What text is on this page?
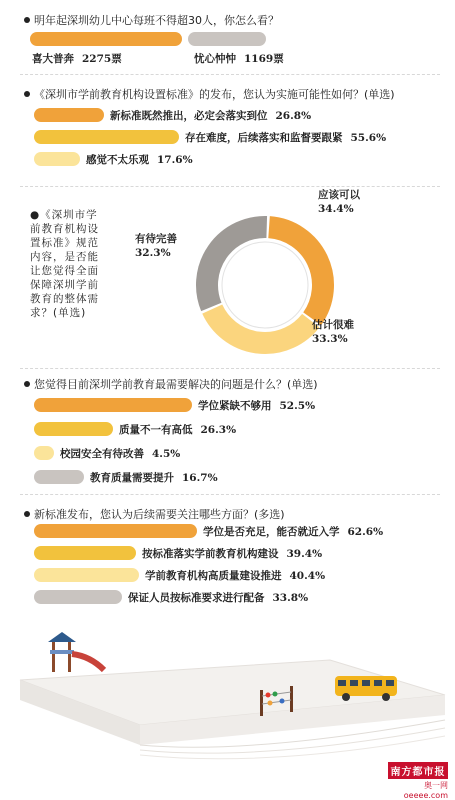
明年起深圳幼儿中心每班不得超30人，你怎么看？
喜大普奔 2275票	忧心忡忡 1169票
《深圳市学前教育机构设置标准》的发布，您认为实施可能性如何？(单选)
新标准既然推出，必定会落实到位 26.8%
存在难度，后续落实和监督要跟紧 55.6%
感觉不太乐观 17.6%
●《深圳市学
前教育机构设
置标准》规范
内容，是否能
让您觉得全面
保障深圳学前
教育的整体需
求？(单选)
应该可以
34.4%
估计很难
33.3%
有待完善
32.3%
您觉得目前深圳学前教育最需要解决的问题是什么？(单选)
学位紧缺不够用 52.5%
质量不一有高低 26.3%
校园安全有待改善 4.5%
教育质量需要提升 16.7%
新标准发布，您认为后续需要关注哪些方面？(多选)
学位是否充足，能否就近入学 62.6%
按标准落实学前教育机构建设 39.4%
学前教育机构高质量建设推进 40.4%
保证人员按标准要求进行配备 33.8%
南方都市报
奥一网oeeee.com
